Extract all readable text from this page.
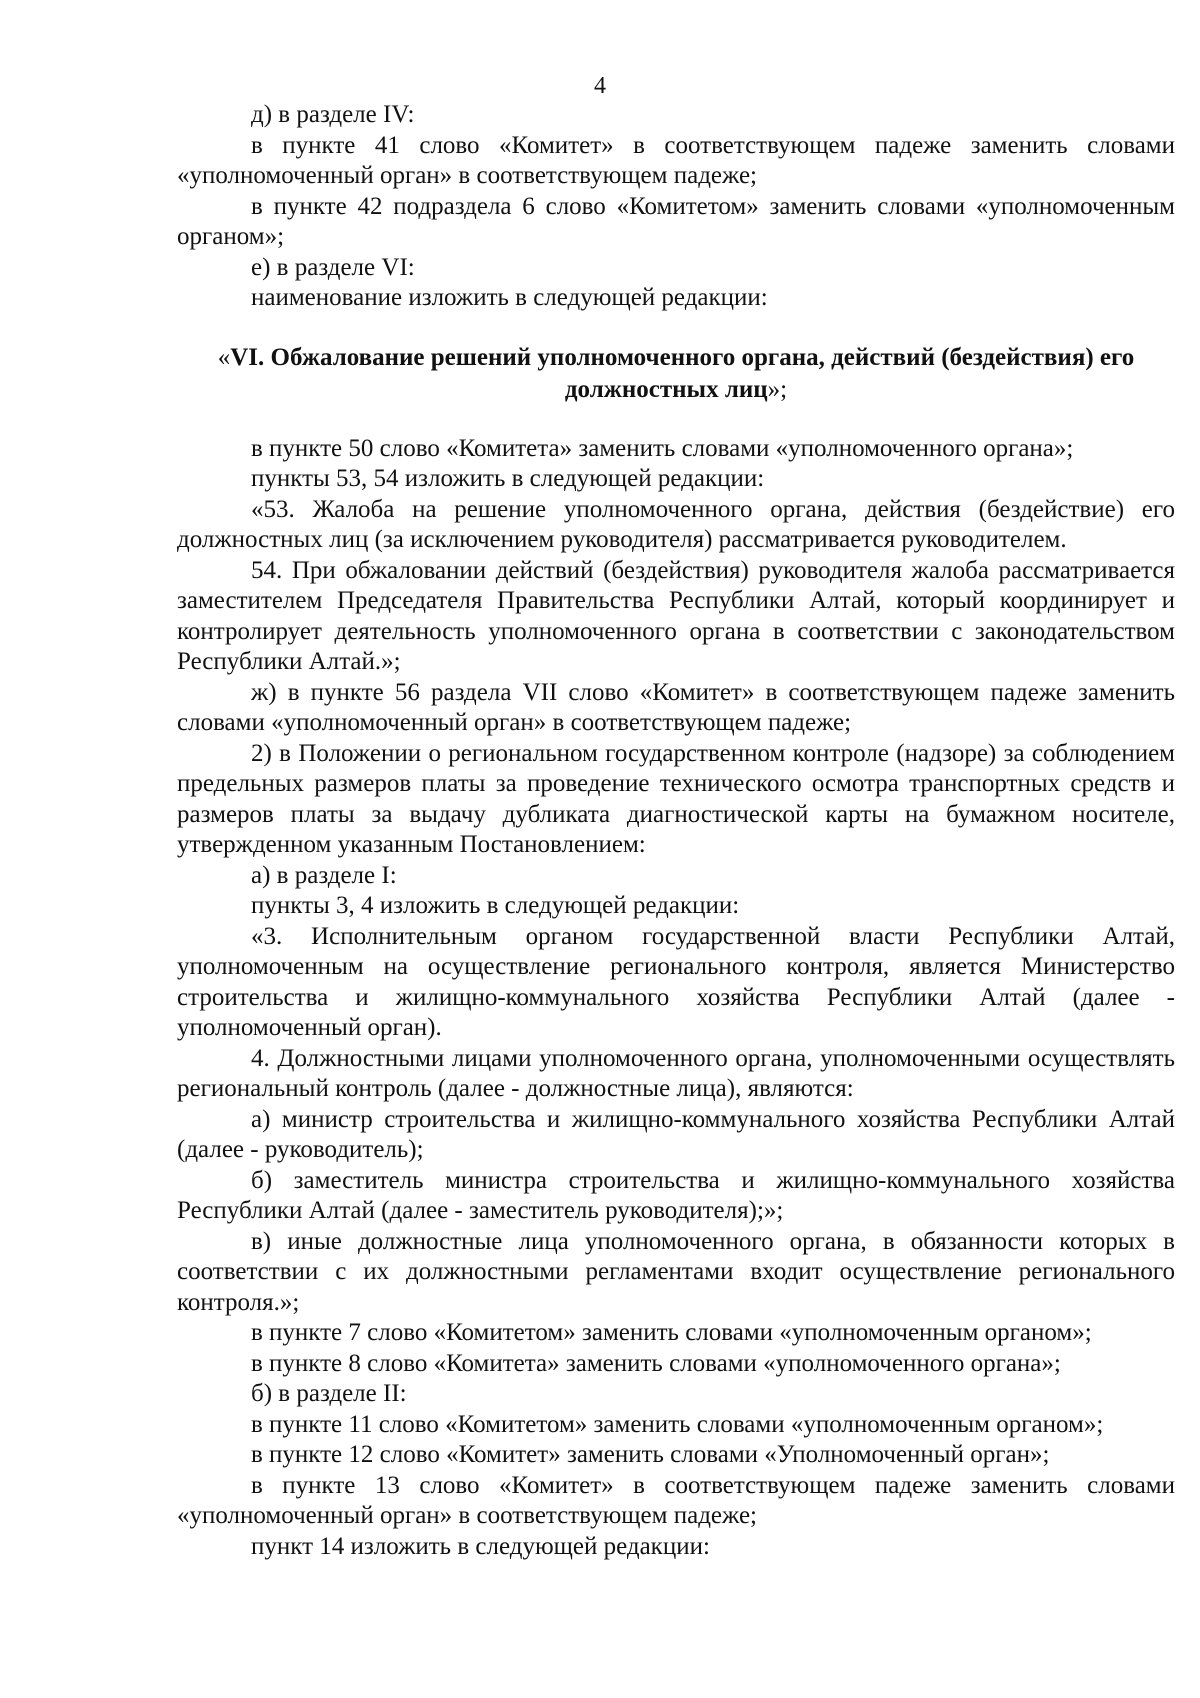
4

д) в разделе IV:

в пункте 41 слово «Комитет» в соответствующем падеже заменить словами «уполномоченный орган» в соответствующем падеже;

в пункте 42 подраздела 6 слово «Комитетом» заменить словами «уполномоченным органом»;

е) в разделе VI:

наименование изложить в следующей редакции:

«VI. Обжалование решений уполномоченного органа, действий (бездействия) его должностных лиц»;

в пункте 50 слово «Комитета» заменить словами «уполномоченного органа»;

пункты 53, 54 изложить в следующей редакции:

«53. Жалоба на решение уполномоченного органа, действия (бездействие) его должностных лиц (за исключением руководителя) рассматривается руководителем.

54. При обжаловании действий (бездействия) руководителя жалоба рассматривается заместителем Председателя Правительства Республики Алтай, который координирует и контролирует деятельность уполномоченного органа в соответствии с законодательством Республики Алтай.»;

ж) в пункте 56 раздела VII слово «Комитет» в соответствующем падеже заменить словами «уполномоченный орган» в соответствующем падеже;

2) в Положении о региональном государственном контроле (надзоре) за соблюдением предельных размеров платы за проведение технического осмотра транспортных средств и размеров платы за выдачу дубликата диагностической карты на бумажном носителе, утвержденном указанным Постановлением:

а) в разделе I:

пункты 3, 4 изложить в следующей редакции:

«3. Исполнительным органом государственной власти Республики Алтай, уполномоченным на осуществление регионального контроля, является Министерство строительства и жилищно-коммунального хозяйства Республики Алтай (далее - уполномоченный орган).

4. Должностными лицами уполномоченного органа, уполномоченными осуществлять региональный контроль (далее - должностные лица), являются:

а) министр строительства и жилищно-коммунального хозяйства Республики Алтай (далее - руководитель);

б) заместитель министра строительства и жилищно-коммунального хозяйства Республики Алтай (далее - заместитель руководителя);»;

в) иные должностные лица уполномоченного органа, в обязанности которых в соответствии с их должностными регламентами входит осуществление регионального контроля.»;

в пункте 7 слово «Комитетом» заменить словами «уполномоченным органом»;

в пункте 8 слово «Комитета» заменить словами «уполномоченного органа»;

б) в разделе II:

в пункте 11 слово «Комитетом» заменить словами «уполномоченным органом»;

в пункте 12 слово «Комитет» заменить словами «Уполномоченный орган»;

в пункте 13 слово «Комитет» в соответствующем падеже заменить словами «уполномоченный орган» в соответствующем падеже;

пункт 14 изложить в следующей редакции:
